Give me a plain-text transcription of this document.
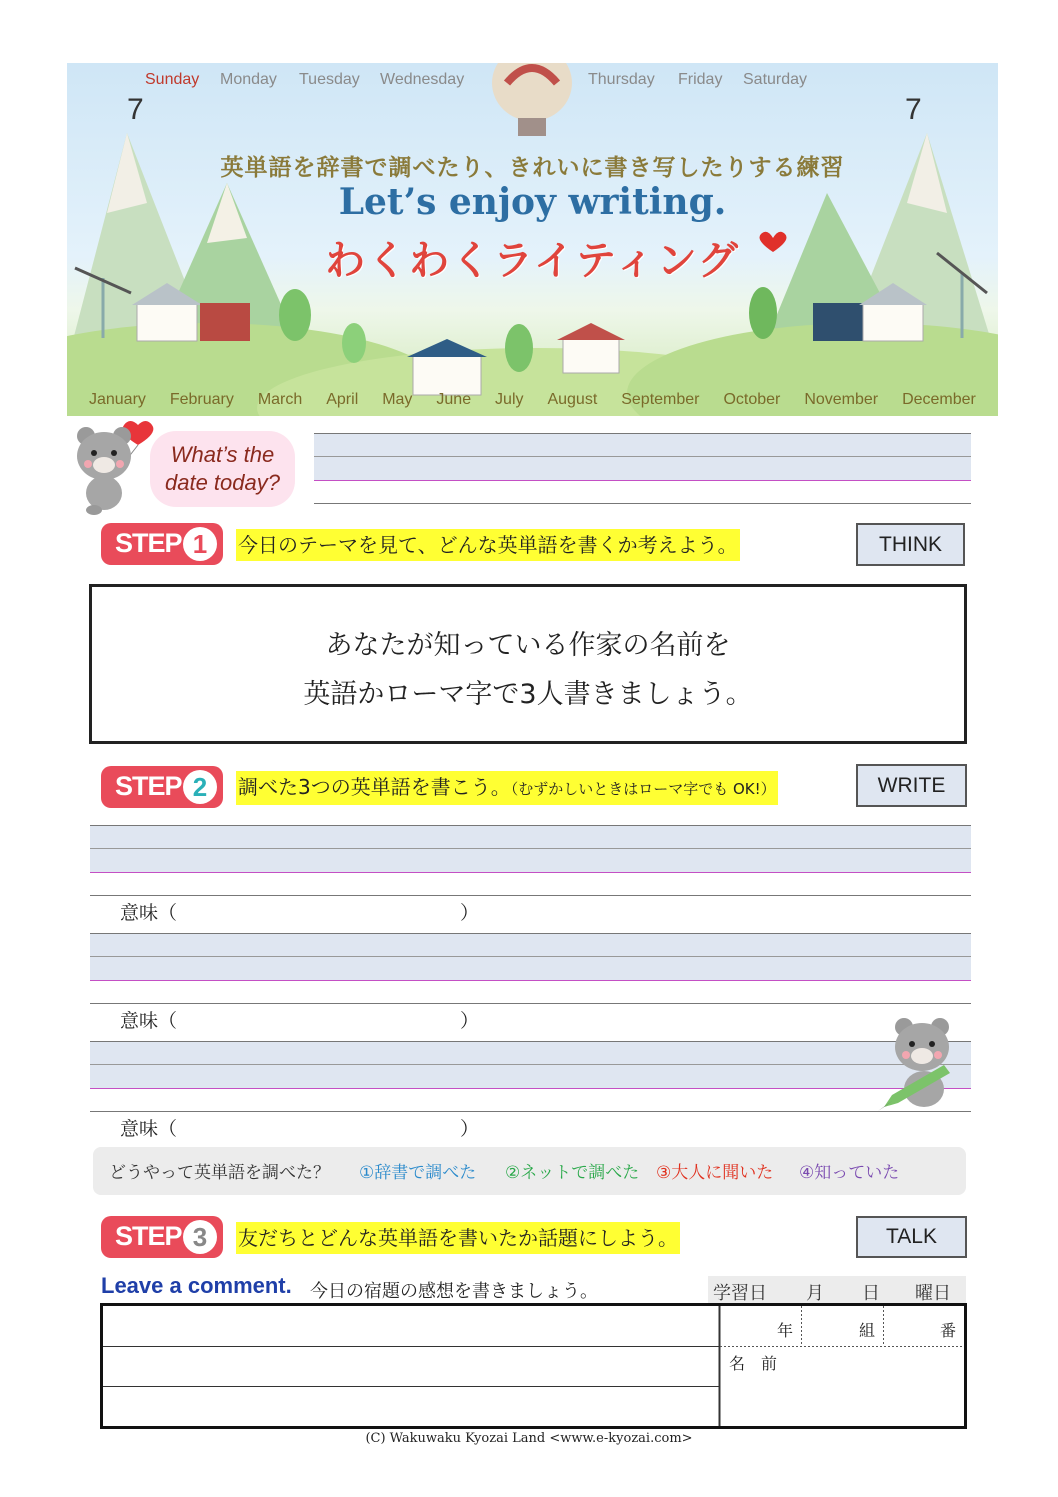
Sunday Monday Tuesday Wednesday	Thursday Friday Saturday
7	7
英単語を辞書で調べたり、きれいに書き写したりする練習
Let’s enjoy writing.
わくわくライティング
January February March April May June July August September October November December
What’s the
date today?
STEP 1	今日のテーマを見て、どんな英単語を書くか考えよう。	THINK
あなたが知っている作家の名前を
英語かローマ字で3人書きましょう。
STEP 2	調べた3つの英単語を書こう。（むずかしいときはローマ字でも OK!）	WRITE
意味（	）
意味（	）
意味（	）
どうやって英単語を調べた？ ①辞書で調べた ②ネットで調べた ③大人に聞いた ④知っていた
STEP 3	友だちとどんな英単語を書いたか話題にしよう。	TALK
Leave a comment. 今日の宿題の感想を書きましょう。	学習日 月 日 曜日
年	組	番
名　前
(C) Wakuwaku Kyozai Land <www.e-kyozai.com>
